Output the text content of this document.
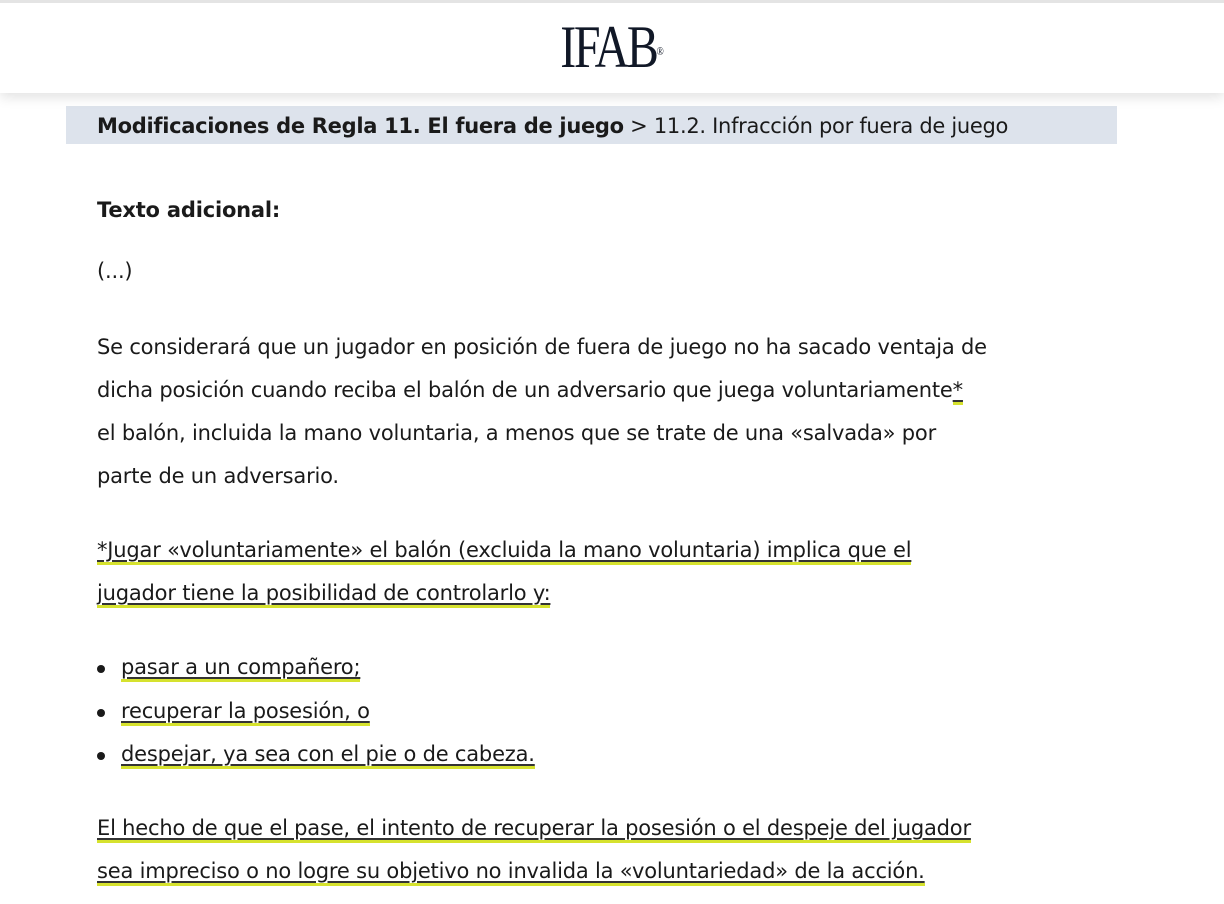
IFAB®
Modificaciones de Regla 11. El fuera de juego > 11.2. Infracción por fuera de juego
Texto adicional:
(...)
Se considerará que un jugador en posición de fuera de juego no ha sacado ventaja de
dicha posición cuando reciba el balón de un adversario que juega voluntariamente*
el balón, incluida la mano voluntaria, a menos que se trate de una «salvada» por
parte de un adversario.
*Jugar «voluntariamente» el balón (excluida la mano voluntaria) implica que el
jugador tiene la posibilidad de controlarlo y:
pasar a un compañero;
recuperar la posesión, o
despejar, ya sea con el pie o de cabeza.
El hecho de que el pase, el intento de recuperar la posesión o el despeje del jugador
sea impreciso o no logre su objetivo no invalida la «voluntariedad» de la acción.
